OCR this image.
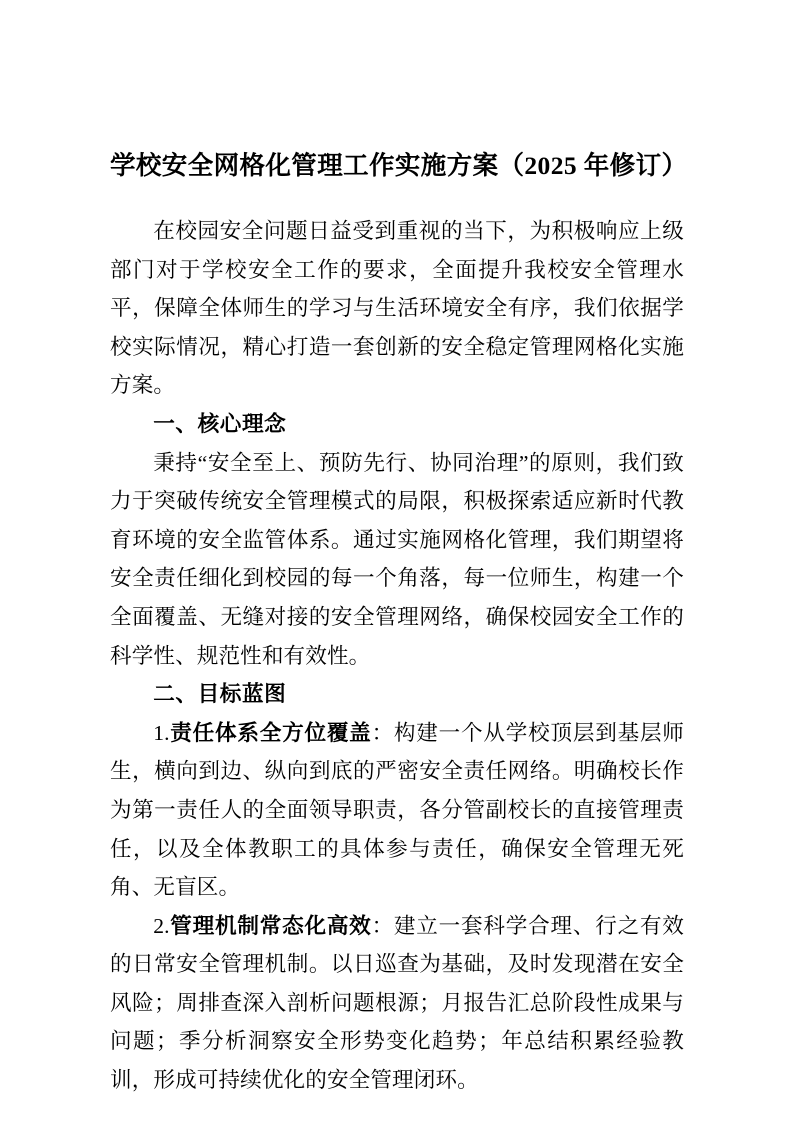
学校安全网格化管理工作实施方案（2025 年修订）

在校园安全问题日益受到重视的当下，为积极响应上级部门对于学校安全工作的要求，全面提升我校安全管理水平，保障全体师生的学习与生活环境安全有序，我们依据学校实际情况，精心打造一套创新的安全稳定管理网格化实施方案。

一、核心理念

秉持“安全至上、预防先行、协同治理”的原则，我们致力于突破传统安全管理模式的局限，积极探索适应新时代教育环境的安全监管体系。通过实施网格化管理，我们期望将安全责任细化到校园的每一个角落，每一位师生，构建一个全面覆盖、无缝对接的安全管理网络，确保校园安全工作的科学性、规范性和有效性。

二、目标蓝图

1.责任体系全方位覆盖：构建一个从学校顶层到基层师生，横向到边、纵向到底的严密安全责任网络。明确校长作为第一责任人的全面领导职责，各分管副校长的直接管理责任，以及全体教职工的具体参与责任，确保安全管理无死角、无盲区。

2.管理机制常态化高效：建立一套科学合理、行之有效的日常安全管理机制。以日巡查为基础，及时发现潜在安全风险；周排查深入剖析问题根源；月报告汇总阶段性成果与问题；季分析洞察安全形势变化趋势；年总结积累经验教训，形成可持续优化的安全管理闭环。
